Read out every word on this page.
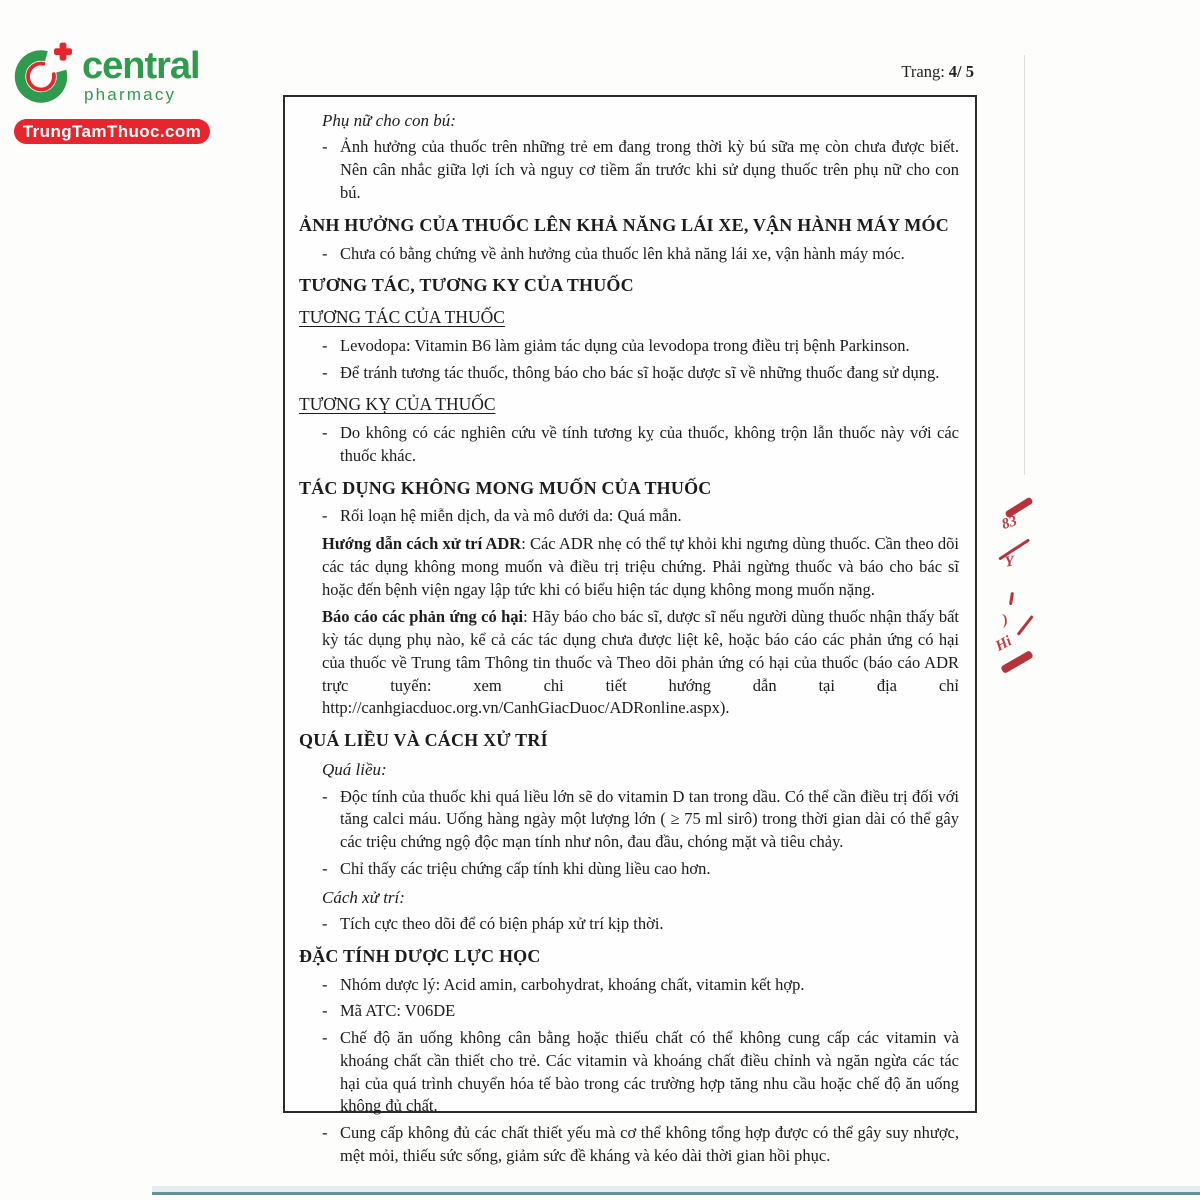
central
pharmacy
TrungTamThuoc.com
Trang: 4/ 5
Phụ nữ cho con bú:
- Ảnh hưởng của thuốc trên những trẻ em đang trong thời kỳ bú sữa mẹ còn chưa được biết. Nên cân nhắc giữa lợi ích và nguy cơ tiềm ẩn trước khi sử dụng thuốc trên phụ nữ cho con bú.
ẢNH HƯỞNG CỦA THUỐC LÊN KHẢ NĂNG LÁI XE, VẬN HÀNH MÁY MÓC
- Chưa có bằng chứng về ảnh hưởng của thuốc lên khả năng lái xe, vận hành máy móc.
TƯƠNG TÁC, TƯƠNG KY CỦA THUỐC
TƯƠNG TÁC CỦA THUỐC
- Levodopa: Vitamin B6 làm giảm tác dụng của levodopa trong điều trị bệnh Parkinson.
- Để tránh tương tác thuốc, thông báo cho bác sĩ hoặc dược sĩ về những thuốc đang sử dụng.
TƯƠNG KỴ CỦA THUỐC
- Do không có các nghiên cứu về tính tương kỵ của thuốc, không trộn lẫn thuốc này với các thuốc khác.
TÁC DỤNG KHÔNG MONG MUỐN CỦA THUỐC
- Rối loạn hệ miễn dịch, da và mô dưới da: Quá mẫn.

Hướng dẫn cách xử trí ADR: Các ADR nhẹ có thể tự khỏi khi ngưng dùng thuốc. Cần theo dõi các tác dụng không mong muốn và điều trị triệu chứng. Phải ngừng thuốc và báo cho bác sĩ hoặc đến bệnh viện ngay lập tức khi có biểu hiện tác dụng không mong muốn nặng.

Báo cáo các phản ứng có hại: Hãy báo cho bác sĩ, dược sĩ nếu người dùng thuốc nhận thấy bất kỳ tác dụng phụ nào, kể cả các tác dụng chưa được liệt kê, hoặc báo cáo các phản ứng có hại của thuốc về Trung tâm Thông tin thuốc và Theo dõi phản ứng có hại của thuốc (báo cáo ADR trực tuyến: xem chi tiết hướng dẫn tại địa chỉ http://canhgiacduoc.org.vn/CanhGiacDuoc/ADRonline.aspx).

QUÁ LIỀU VÀ CÁCH XỬ TRÍ
Quá liều:
- Độc tính của thuốc khi quá liều lớn sẽ do vitamin D tan trong dầu. Có thể cần điều trị đối với tăng calci máu. Uống hàng ngày một lượng lớn ( ≥ 75 ml sirô) trong thời gian dài có thể gây các triệu chứng ngộ độc mạn tính như nôn, đau đầu, chóng mặt và tiêu chảy.
- Chỉ thấy các triệu chứng cấp tính khi dùng liều cao hơn.
Cách xử trí:
- Tích cực theo dõi để có biện pháp xử trí kịp thời.
ĐẶC TÍNH DƯỢC LỰC HỌC
- Nhóm dược lý: Acid amin, carbohydrat, khoáng chất, vitamin kết hợp.
- Mã ATC: V06DE
- Chế độ ăn uống không cân bằng hoặc thiếu chất có thể không cung cấp các vitamin và khoáng chất cần thiết cho trẻ. Các vitamin và khoáng chất điều chỉnh và ngăn ngừa các tác hại của quá trình chuyển hóa tế bào trong các trường hợp tăng nhu cầu hoặc chế độ ăn uống không đủ chất.
- Cung cấp không đủ các chất thiết yếu mà cơ thể không tổng hợp được có thể gây suy nhược, mệt mỏi, thiếu sức sống, giảm sức đề kháng và kéo dài thời gian hồi phục.
83
Y
)
Hi
